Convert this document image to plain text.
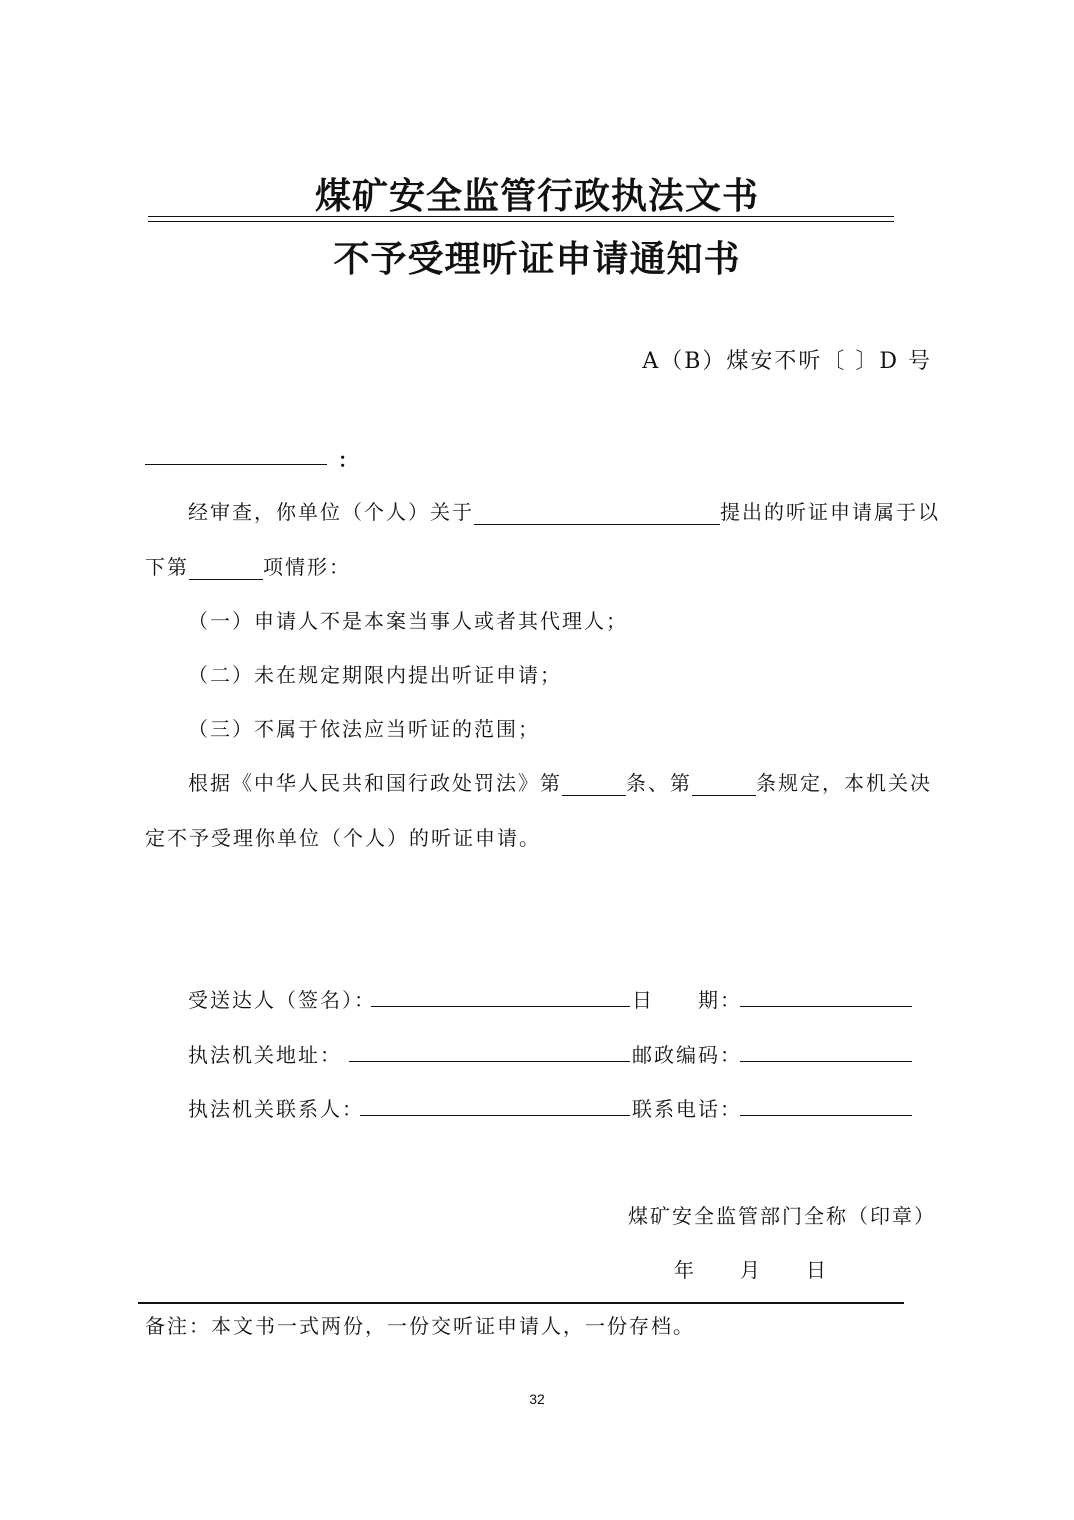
煤矿安全监管行政执法文书
不予受理听证申请通知书
A（B）煤安不听〔 〕D 号
：
经审查，你单位（个人）关于	提出的听证申请属于以
下第	项情形：
（一）申请人不是本案当事人或者其代理人；
（二）未在规定期限内提出听证申请；
（三）不属于依法应当听证的范围；
根据《中华人民共和国行政处罚法》第	条、第	条规定，本机关决
定不予受理你单位（个人）的听证申请。
受送达人（签名）：	日　　期：
执法机关地址：	邮政编码：
执法机关联系人：	联系电话：
煤矿安全监管部门全称（印章）
年　　月　　日
备注：本文书一式两份，一份交听证申请人，一份存档。
32
